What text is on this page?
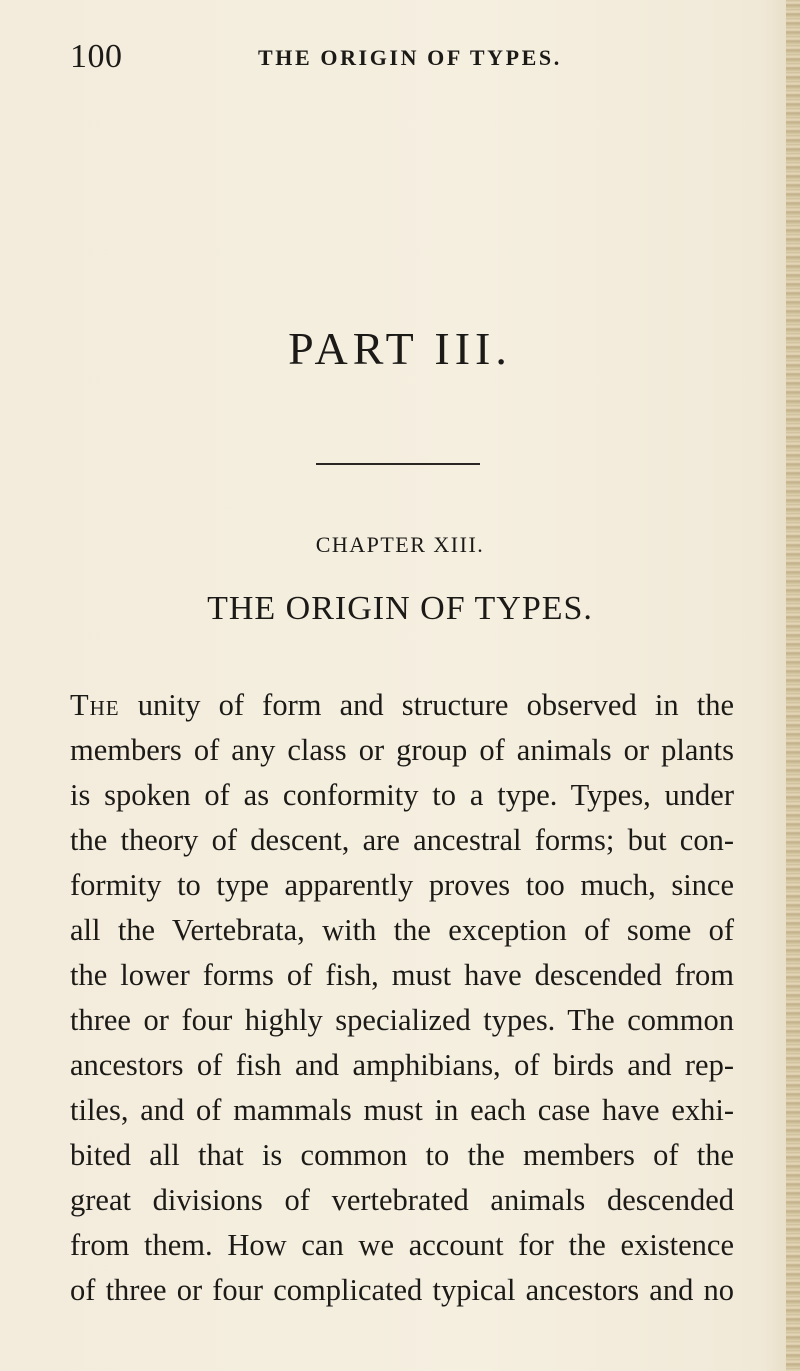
100	THE ORIGIN OF TYPES.
PART III.
CHAPTER XIII.
THE ORIGIN OF TYPES.
The unity of form and structure observed in the
members of any class or group of animals or plants
is spoken of as conformity to a type. Types, under
the theory of descent, are ancestral forms; but con-
formity to type apparently proves too much, since
all the Vertebrata, with the exception of some of
the lower forms of fish, must have descended from
three or four highly specialized types. The common
ancestors of fish and amphibians, of birds and rep-
tiles, and of mammals must in each case have exhi-
bited all that is common to the members of the
great divisions of vertebrated animals descended
from them. How can we account for the existence
of three or four complicated typical ancestors and no
